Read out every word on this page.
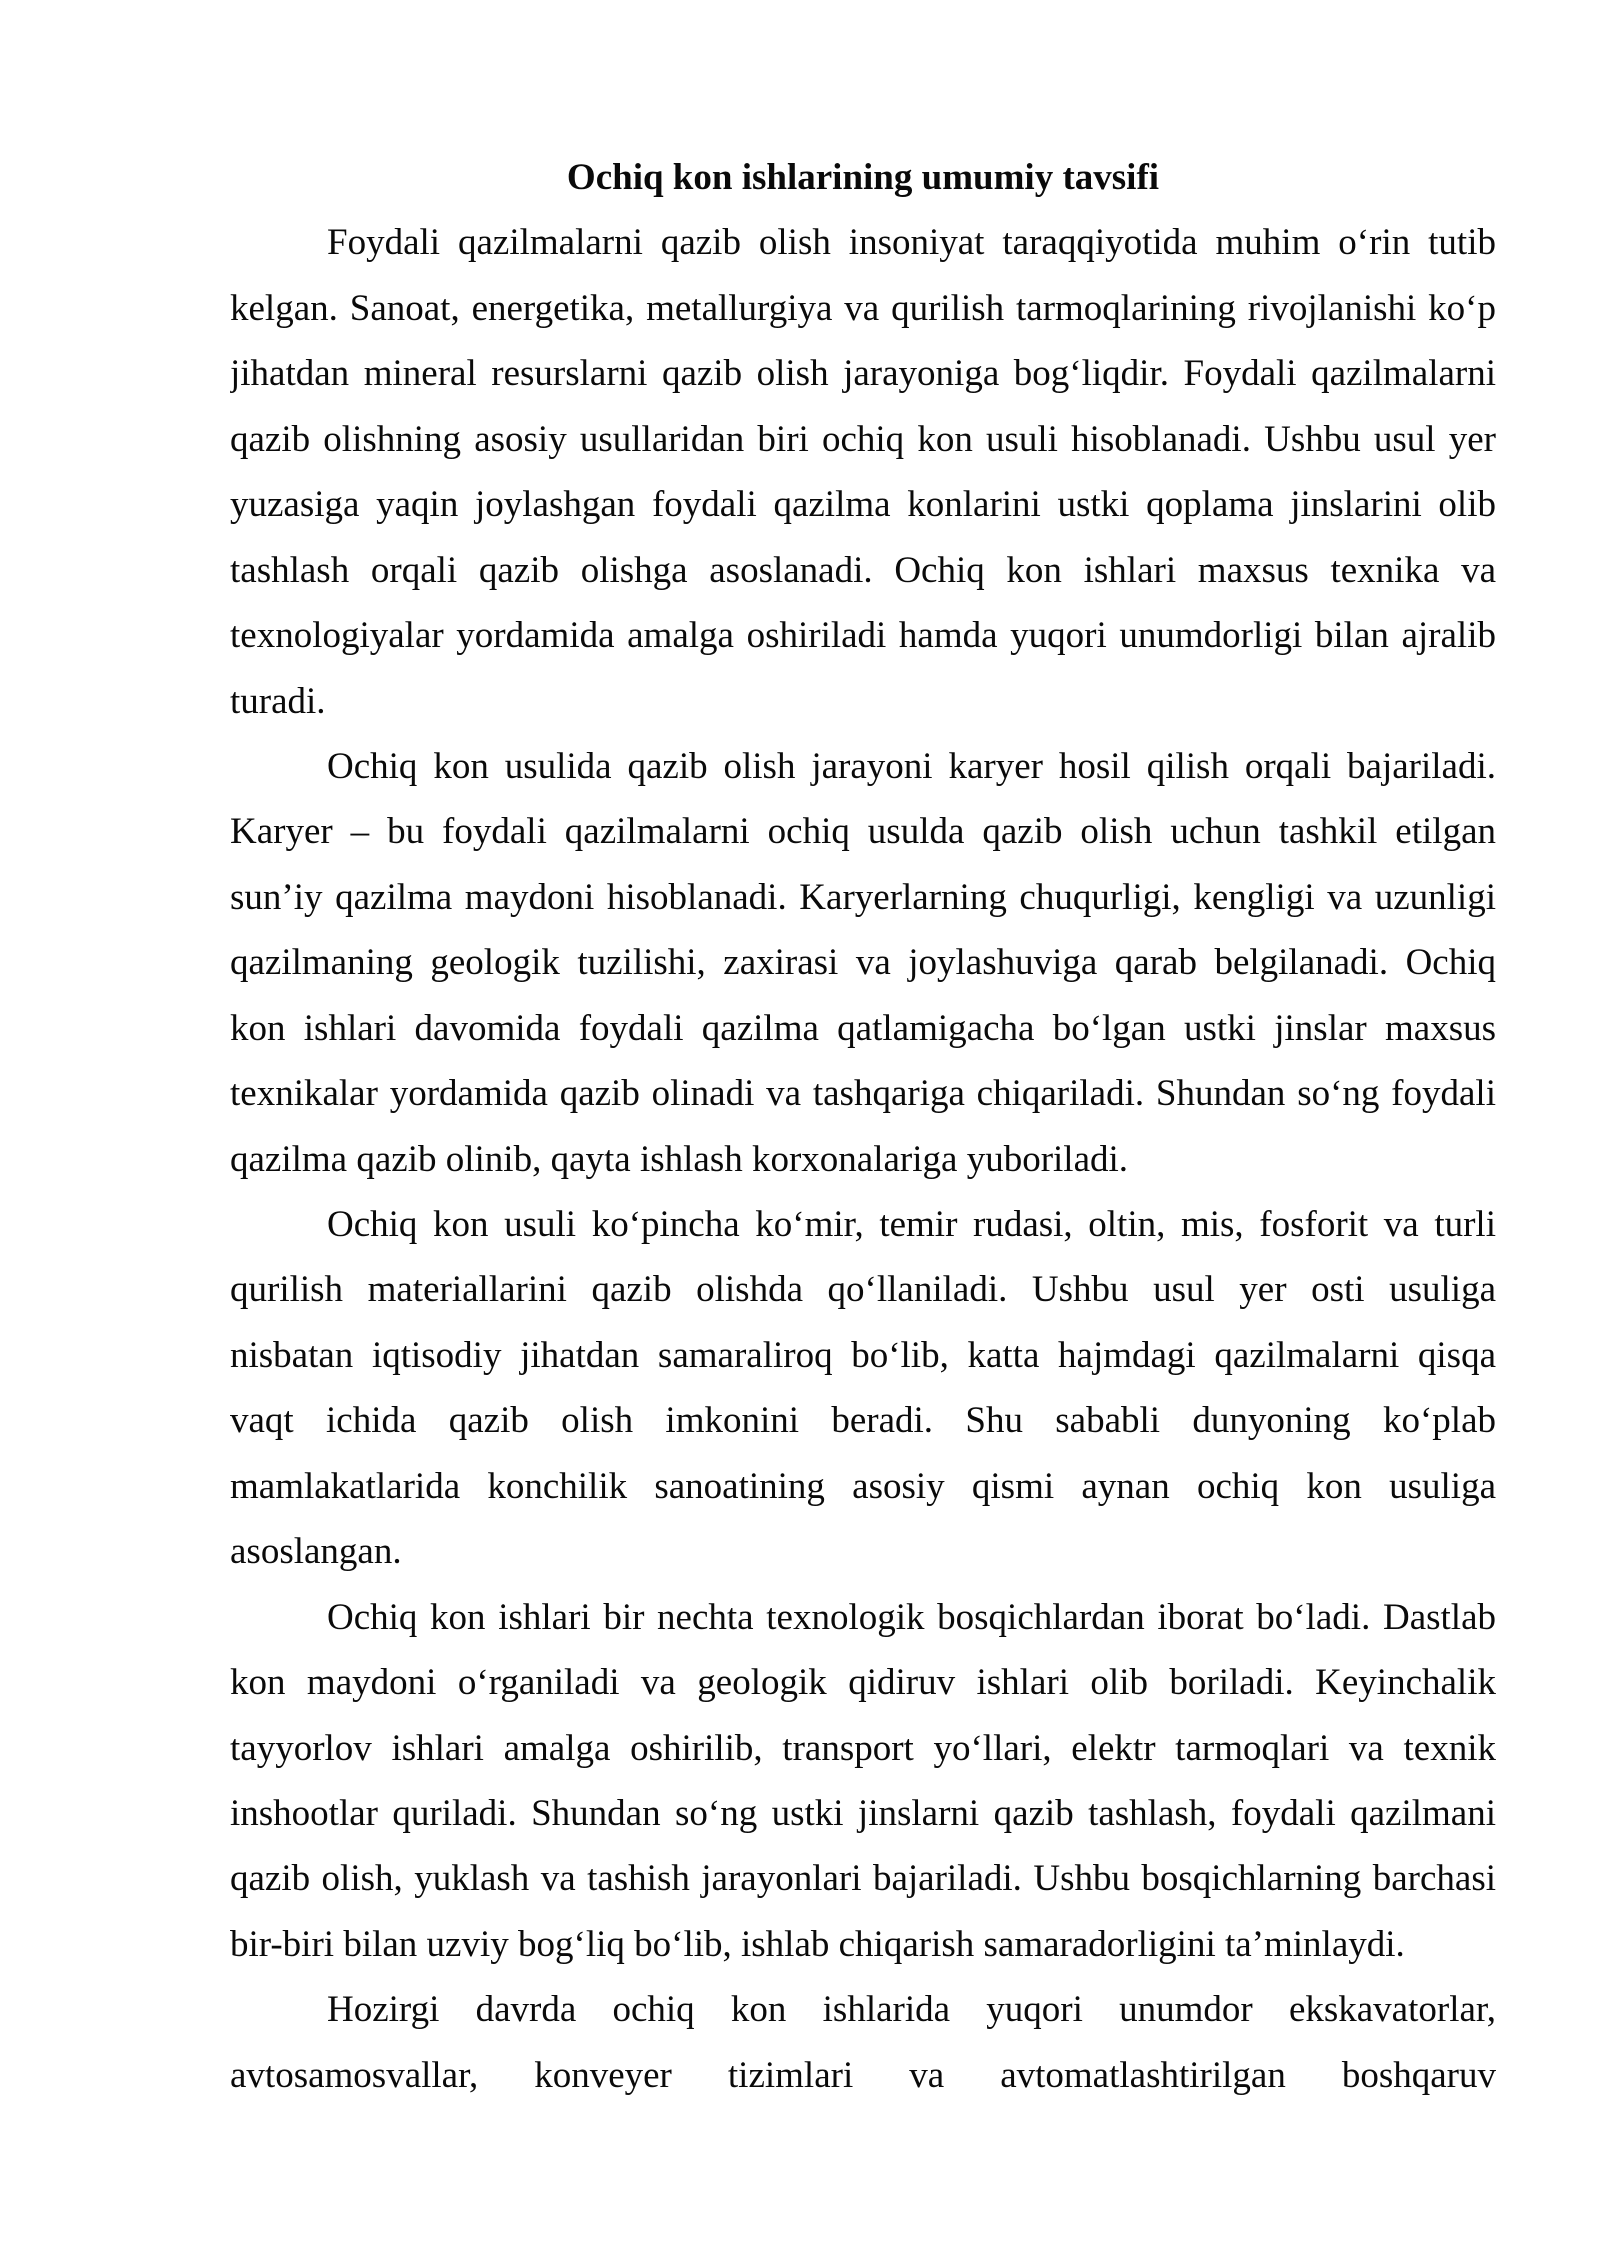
Ochiq kon ishlarining umumiy tavsifi
Foydali qazilmalarni qazib olish insoniyat taraqqiyotida muhim o‘rin tutib
kelgan. Sanoat, energetika, metallurgiya va qurilish tarmoqlarining rivojlanishi ko‘p
jihatdan mineral resurslarni qazib olish jarayoniga bog‘liqdir. Foydali qazilmalarni
qazib olishning asosiy usullaridan biri ochiq kon usuli hisoblanadi. Ushbu usul yer
yuzasiga yaqin joylashgan foydali qazilma konlarini ustki qoplama jinslarini olib
tashlash orqali qazib olishga asoslanadi. Ochiq kon ishlari maxsus texnika va
texnologiyalar yordamida amalga oshiriladi hamda yuqori unumdorligi bilan ajralib
turadi.
Ochiq kon usulida qazib olish jarayoni karyer hosil qilish orqali bajariladi.
Karyer – bu foydali qazilmalarni ochiq usulda qazib olish uchun tashkil etilgan
sun’iy qazilma maydoni hisoblanadi. Karyerlarning chuqurligi, kengligi va uzunligi
qazilmaning geologik tuzilishi, zaxirasi va joylashuviga qarab belgilanadi. Ochiq
kon ishlari davomida foydali qazilma qatlamigacha bo‘lgan ustki jinslar maxsus
texnikalar yordamida qazib olinadi va tashqariga chiqariladi. Shundan so‘ng foydali
qazilma qazib olinib, qayta ishlash korxonalariga yuboriladi.
Ochiq kon usuli ko‘pincha ko‘mir, temir rudasi, oltin, mis, fosforit va turli
qurilish materiallarini qazib olishda qo‘llaniladi. Ushbu usul yer osti usuliga
nisbatan iqtisodiy jihatdan samaraliroq bo‘lib, katta hajmdagi qazilmalarni qisqa
vaqt ichida qazib olish imkonini beradi. Shu sababli dunyoning ko‘plab
mamlakatlarida konchilik sanoatining asosiy qismi aynan ochiq kon usuliga
asoslangan.
Ochiq kon ishlari bir nechta texnologik bosqichlardan iborat bo‘ladi. Dastlab
kon maydoni o‘rganiladi va geologik qidiruv ishlari olib boriladi. Keyinchalik
tayyorlov ishlari amalga oshirilib, transport yo‘llari, elektr tarmoqlari va texnik
inshootlar quriladi. Shundan so‘ng ustki jinslarni qazib tashlash, foydali qazilmani
qazib olish, yuklash va tashish jarayonlari bajariladi. Ushbu bosqichlarning barchasi
bir-biri bilan uzviy bog‘liq bo‘lib, ishlab chiqarish samaradorligini ta’minlaydi.
Hozirgi davrda ochiq kon ishlarida yuqori unumdor ekskavatorlar,
avtosamosvallar, konveyer tizimlari va avtomatlashtirilgan boshqaruv
